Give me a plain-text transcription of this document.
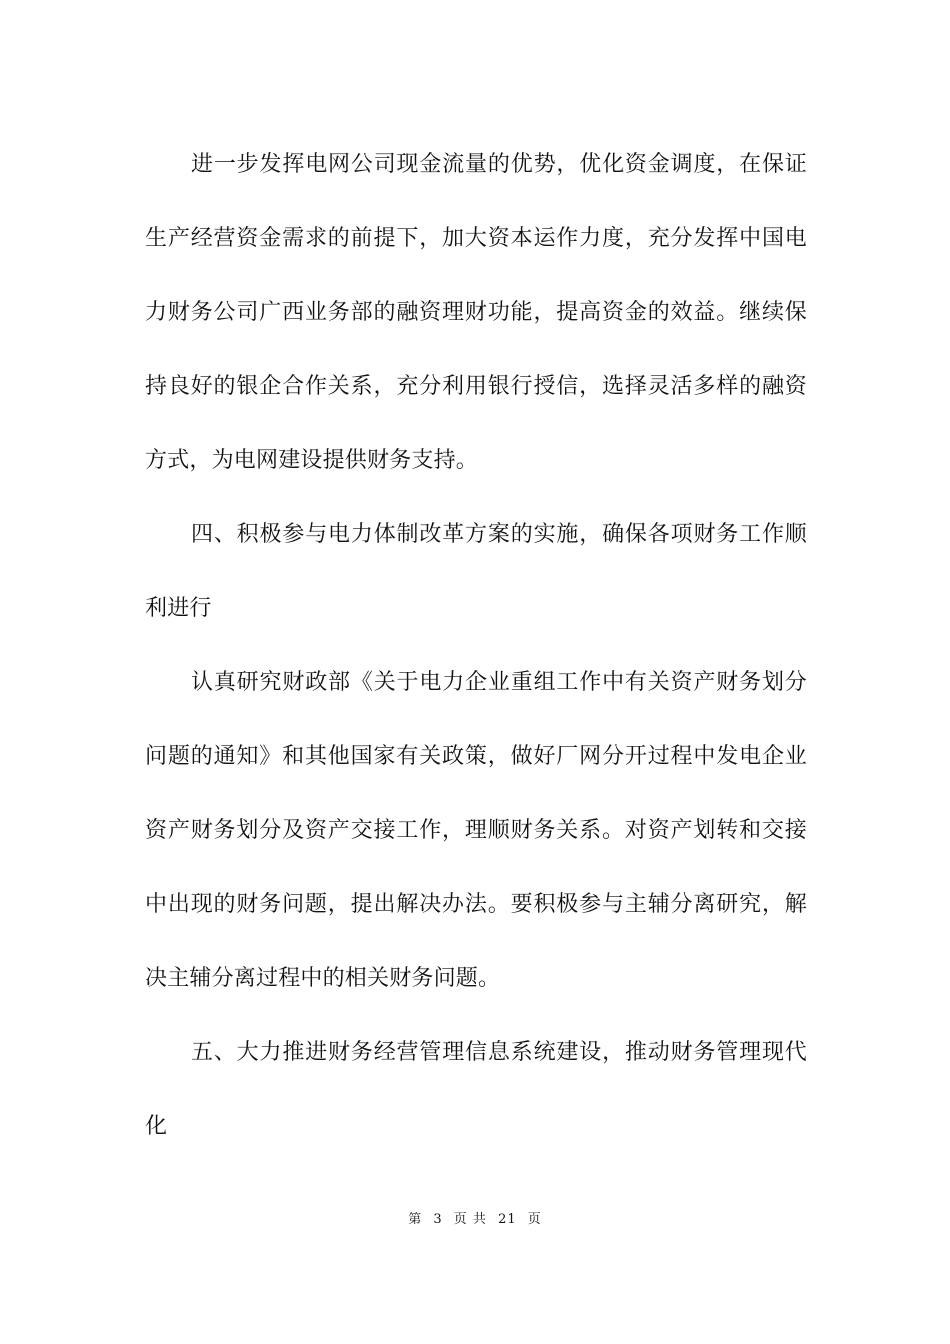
进一步发挥电网公司现金流量的优势，优化资金调度，在保证生产经营资金需求的前提下，加大资本运作力度，充分发挥中国电力财务公司广西业务部的融资理财功能，提高资金的效益。继续保持良好的银企合作关系，充分利用银行授信，选择灵活多样的融资方式，为电网建设提供财务支持。

四、积极参与电力体制改革方案的实施，确保各项财务工作顺利进行

认真研究财政部《关于电力企业重组工作中有关资产财务划分问题的通知》和其他国家有关政策，做好厂网分开过程中发电企业资产财务划分及资产交接工作，理顺财务关系。对资产划转和交接中出现的财务问题，提出解决办法。要积极参与主辅分离研究，解决主辅分离过程中的相关财务问题。

五、大力推进财务经营管理信息系统建设，推动财务管理现代化

第 3 页 共 21 页
